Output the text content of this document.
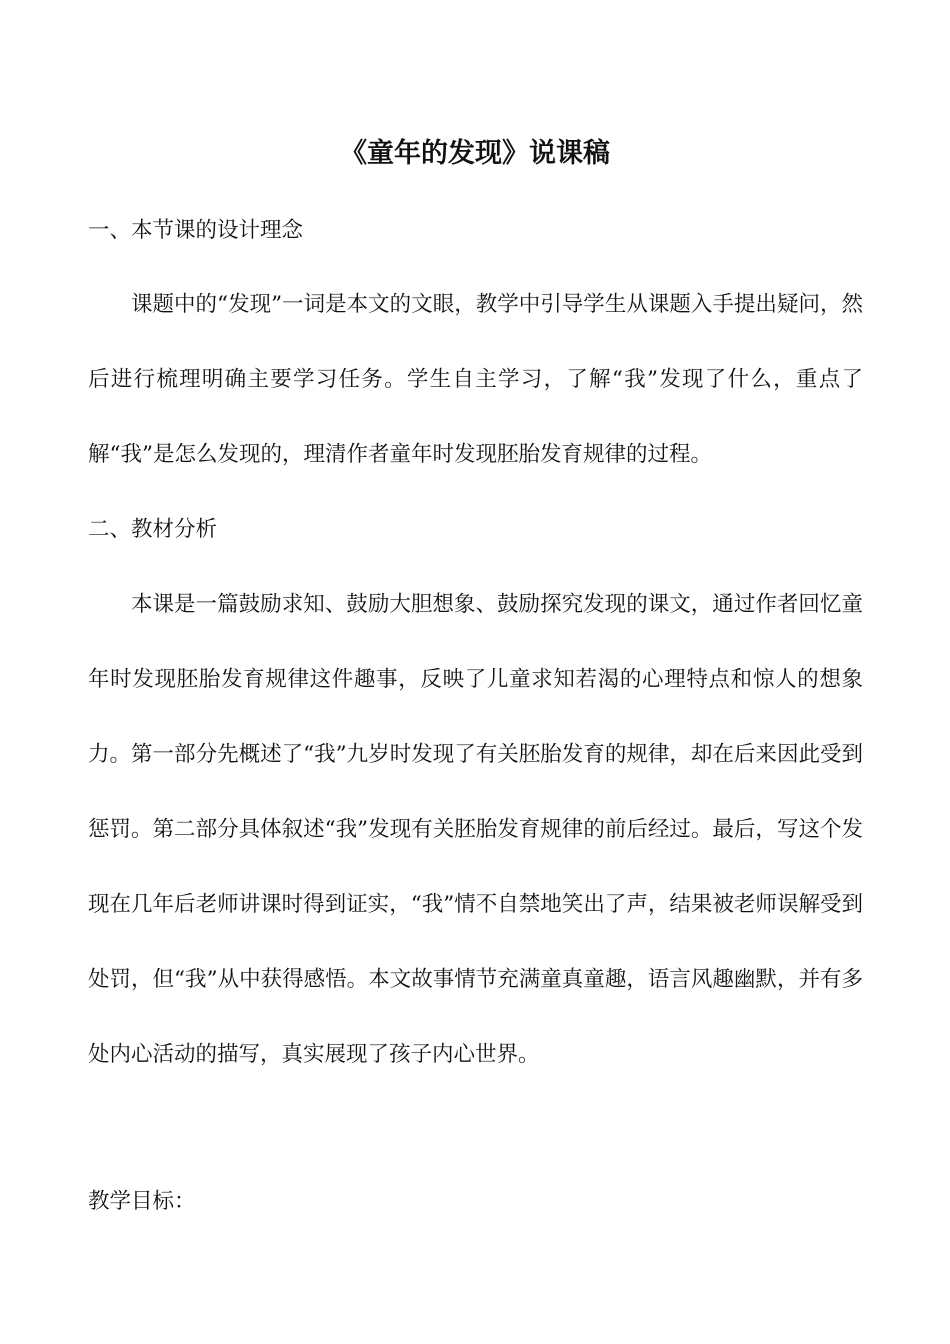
《童年的发现》说课稿

一、本节课的设计理念

课题中的“发现”一词是本文的文眼，教学中引导学生从课题入手提出疑问，然后进行梳理明确主要学习任务。学生自主学习，了解“我”发现了什么，重点了解“我”是怎么发现的，理清作者童年时发现胚胎发育规律的过程。

二、教材分析

本课是一篇鼓励求知、鼓励大胆想象、鼓励探究发现的课文，通过作者回忆童年时发现胚胎发育规律这件趣事，反映了儿童求知若渴的心理特点和惊人的想象力。第一部分先概述了“我”九岁时发现了有关胚胎发育的规律，却在后来因此受到惩罚。第二部分具体叙述“我”发现有关胚胎发育规律的前后经过。最后，写这个发现在几年后老师讲课时得到证实，“我”情不自禁地笑出了声，结果被老师误解受到处罚，但“我”从中获得感悟。本文故事情节充满童真童趣，语言风趣幽默，并有多处内心活动的描写，真实展现了孩子内心世界。

教学目标：
